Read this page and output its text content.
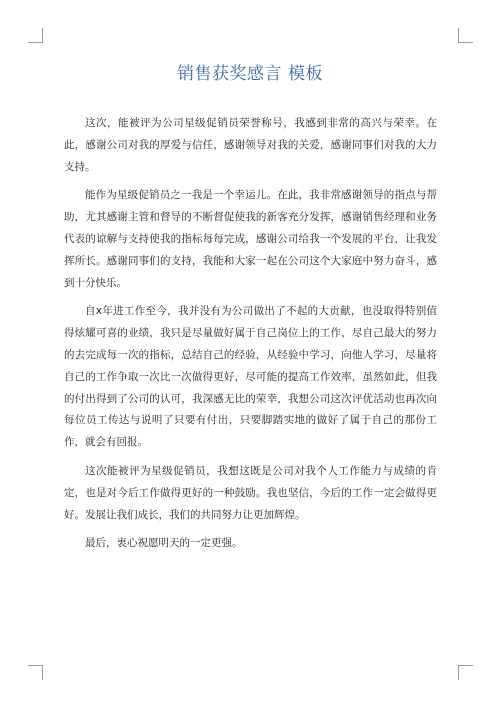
销售获奖感言 模板

这次，能被评为公司星级促销员荣誉称号，我感到非常的高兴与荣幸。在此，感谢公司对我的厚爱与信任，感谢领导对我的关爱，感谢同事们对我的大力支持。

能作为星级促销员之一我是一个幸运儿。在此，我非常感谢领导的指点与帮助，尤其感谢主管和督导的不断督促使我的新客充分发挥，感谢销售经理和业务代表的谅解与支持使我的指标每每完成，感谢公司给我一个发展的平台，让我发挥所长。感谢同事们的支持，我能和大家一起在公司这个大家庭中努力奋斗，感到十分快乐。

自x年进工作至今，我并没有为公司做出了不起的大贡献，也没取得特别值得炫耀可喜的业绩，我只是尽量做好属于自己岗位上的工作，尽自己最大的努力的去完成每一次的指标，总结自己的经验，从经验中学习，向他人学习，尽量将自己的工作争取一次比一次做得更好，尽可能的提高工作效率，虽然如此，但我的付出得到了公司的认可，我深感无比的荣幸，我想公司这次评优活动也再次向每位员工传达与说明了只要有付出，只要脚踏实地的做好了属于自己的那份工作，就会有回报。

这次能被评为星级促销员，我想这既是公司对我个人工作能力与成绩的肯定，也是对今后工作做得更好的一种鼓励。我也坚信，今后的工作一定会做得更好。发展让我们成长，我们的共同努力让更加辉煌。

最后，衷心祝愿明天的一定更强。
